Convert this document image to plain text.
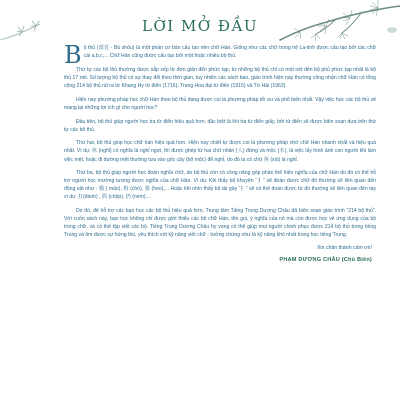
LỜI MỞ ĐẦU

Bộ thủ (部首 - Bù shǒu) là một phần cơ bản cấu tạo nên chữ Hán. Giống như các chữ trong hệ La-tinh được cấu tạo bởi các chữ cái a,b,c,... Chữ Hán cũng được cấu tạo bởi một hoặc nhiều bộ thủ.

Thứ tự các bộ thủ thường được sắp xếp từ đơn giản đến phức tạp, từ những bộ thủ chỉ có một nét đến bộ phủ phức tạp nhất là bộ thủ 17 nét. Số lượng bộ thủ có sự thay đổi theo thời gian, tuy nhiên các sách báo, giáo trình hiện nay thường công nhận chữ Hán có tổng cộng 214 bộ thủ rút ra từ Khang Hy từ điển (1716), Trung Hoa đại từ điển (1915) và Từ Hải (1963).

Hiện nay phương pháp học chữ Hán theo bộ thủ đang được coi là phương pháp tối ưu và phổ biến nhất. Vậy việc học các bộ thủ sẽ mang lại những lợi ích gì cho người học?

Đầu tiên, bộ thủ giúp người học tra từ điển hiệu quả hơn, đặc biệt là khi tra từ điển giấy, bởi từ điển sẽ được biên soạn dựa trên thứ tự các bộ thủ.

Thứ hai, bộ thủ giúp học chữ hán hiệu quả hơn. Hiện nay chiết tự được coi là phương pháp nhớ chữ Hán nhanh nhất và hiệu quả nhất. Ví dụ: 休 (nghỉ) có nghĩa là nghỉ ngơi, thì được ghép từ hai chữ nhân (人) đứng và mộc (木), là việc lấy hình ảnh con người khi làm việc mệt, hoặc đi đường mệt thường tựa vào gốc cây (bộ mộc) để nghỉ, do đó ta có chữ 休 (xiū) là nghỉ.

Thứ ba, bộ thủ giúp người học đoán nghĩa chữ, do bộ thủ còn có công năng góp phần thể hiện nghĩa của chữ Hán do đó có thể hỗ trợ người học mường tượng được nghĩa của chữ Hán. Ví dụ: Khi thấy bộ khuyển “犭” sẽ đoán được chữ đó thường sẽ liên quan đến động vật như : 猫 ( māo), 狗 (chó), 猪 (heo),... Hoặc khi nhìn thấy bộ tài gảy “扌” sẽ có thể đoán được từ đó thường sẽ liên quan đến tay vì dụ: 打(đánh) , 抓 (chộp), 扔 (ném)....

Do đó, để hỗ trợ các bạn học các bộ thủ hiệu quả hơn, Trung tâm Tiếng Trung Dương Châu đã biên soạn giáo trình “214 bộ thủ”. Với cuốn sách này, bạn học không chỉ được giới thiệu các bộ chữ Hán, tên gọi, ý nghĩa của nó mà còn được học về ứng dụng của bộ trong chữ, và có thể tập viết các bộ. Tiếng Trung Dương Châu hy vọng có thể giúp mọi người chinh phục được 214 bộ thủ trong tiếng Trung và tìm được sự hứng thú, yêu thích với kỹ năng viết chữ - tưởng chừng như là kỹ năng khó nhất trong học tiếng Trung.

Xin chân thành cảm ơn!
PHẠM DƯƠNG CHÂU (Chủ Biên)
